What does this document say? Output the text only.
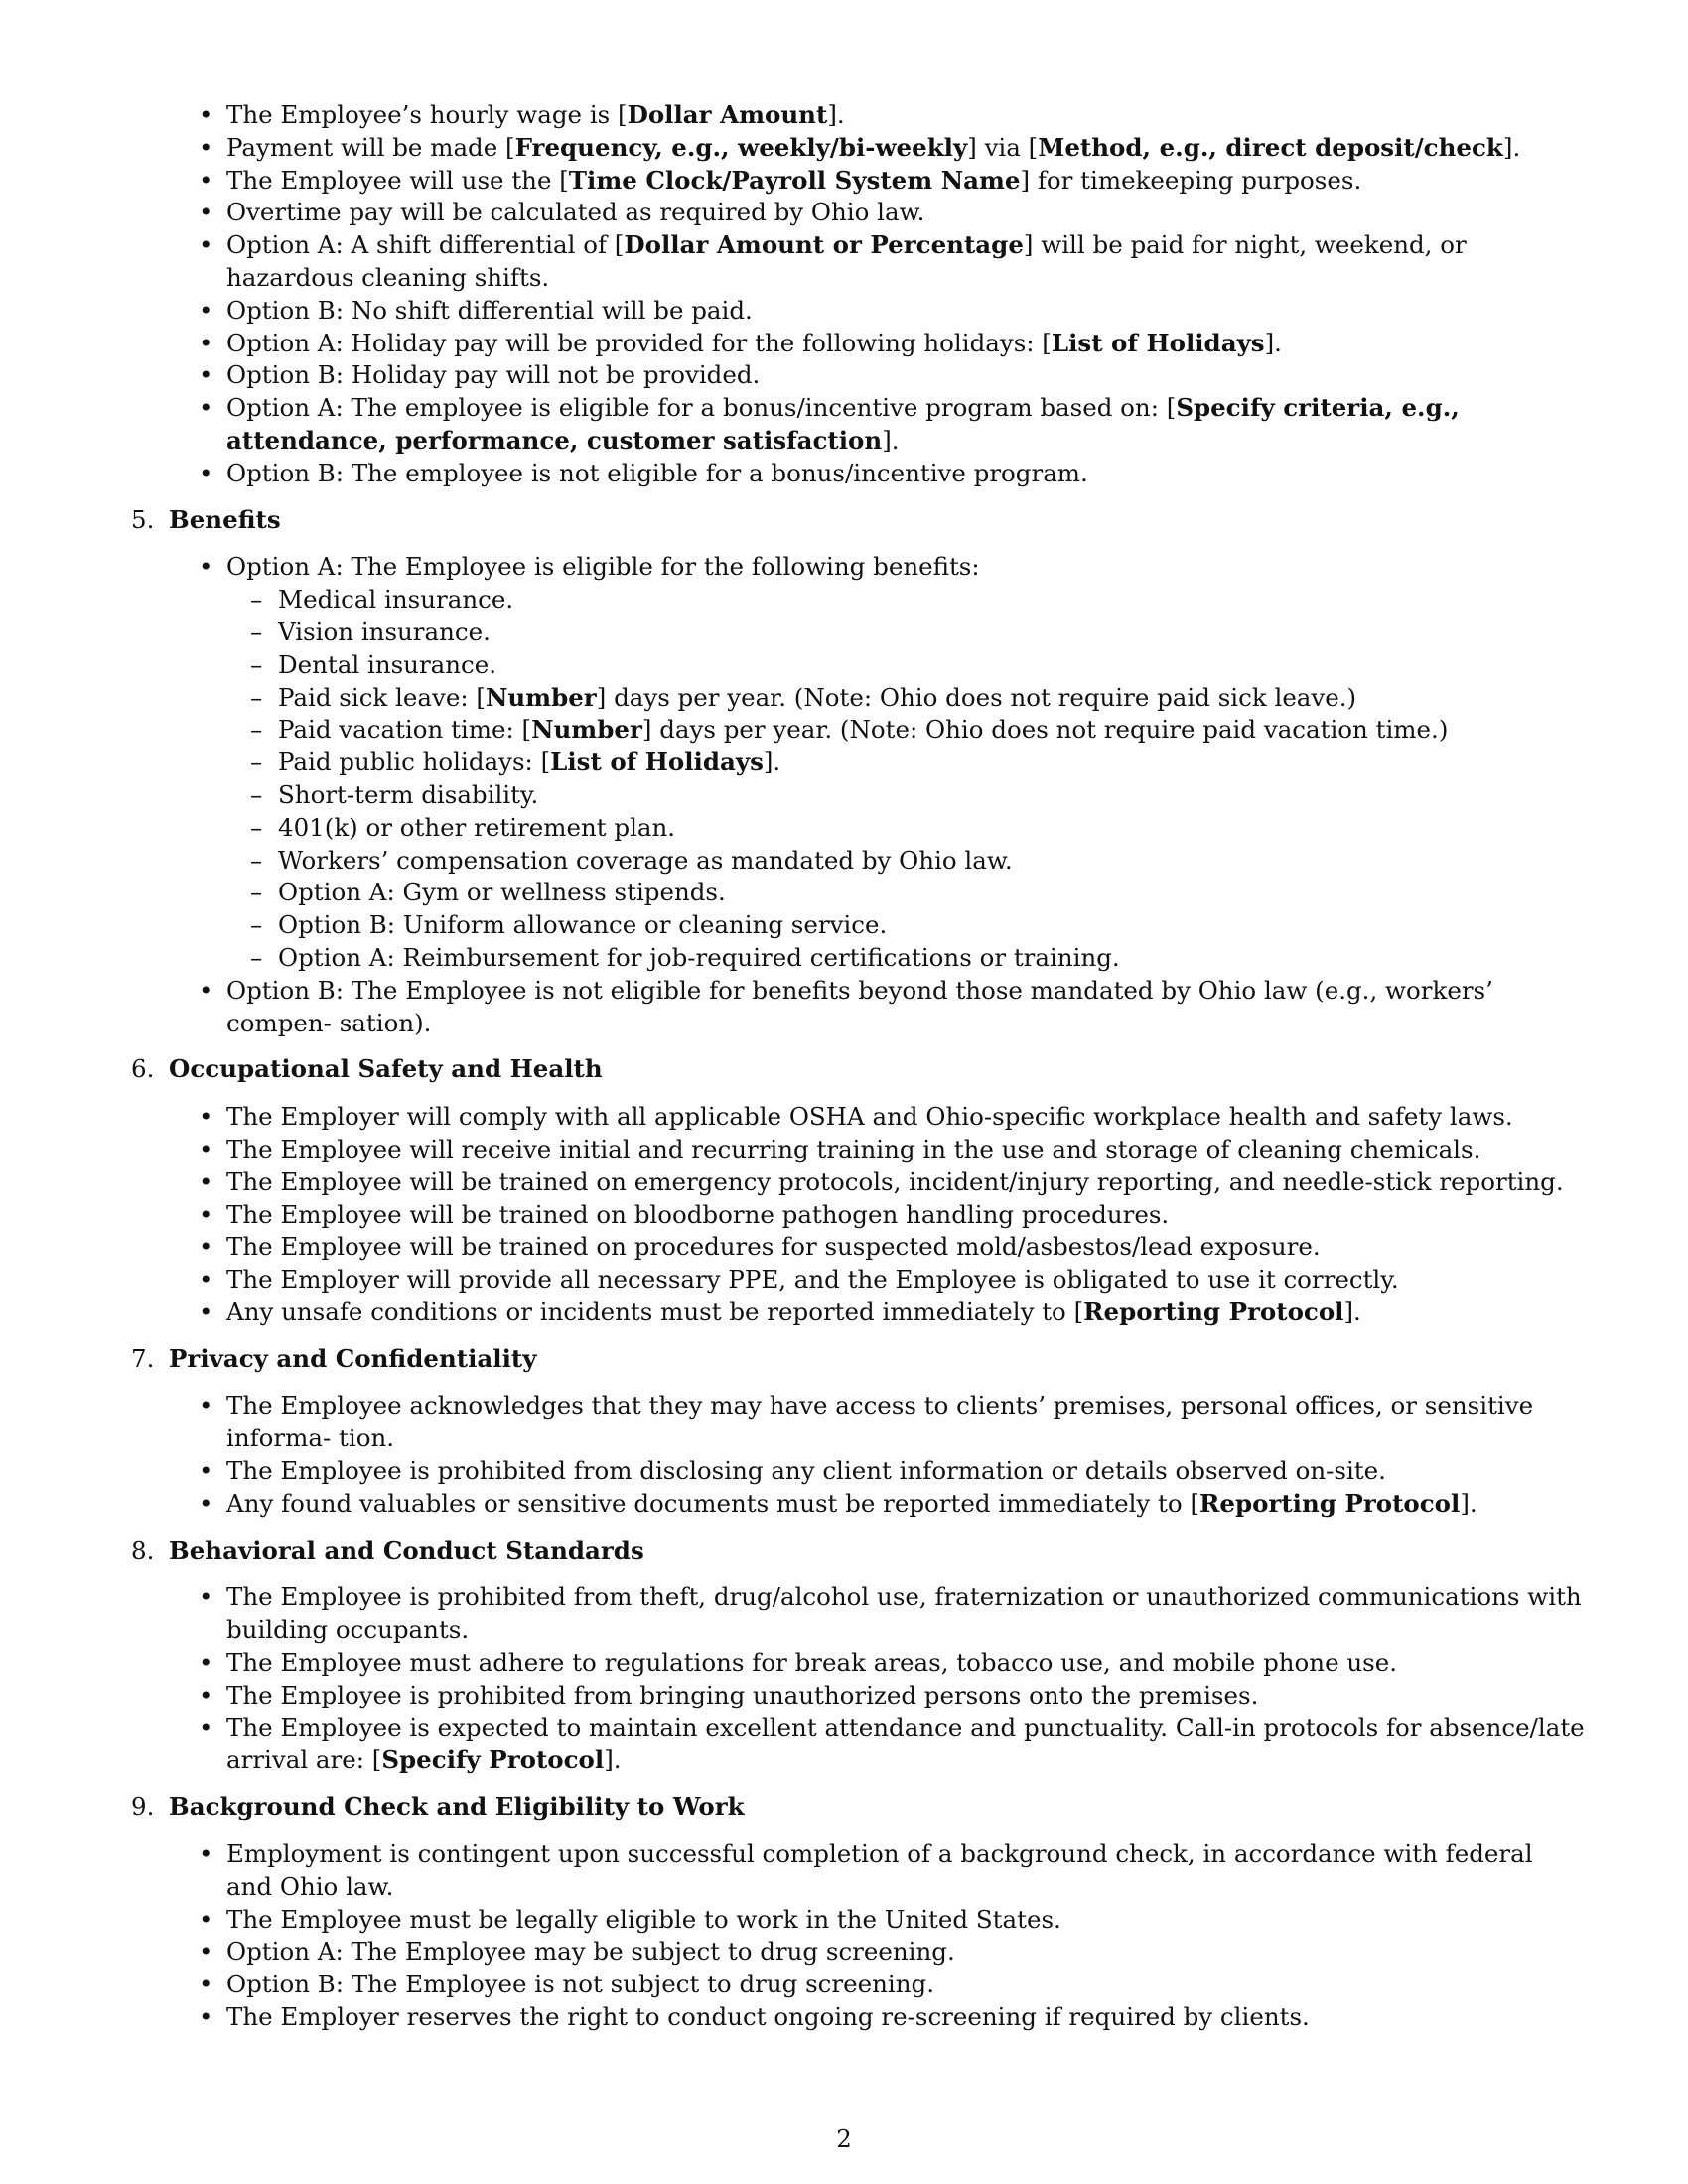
• The Employee’s hourly wage is [Dollar Amount].
• Payment will be made [Frequency, e.g., weekly/bi-weekly] via [Method, e.g., direct deposit/check].
• The Employee will use the [Time Clock/Payroll System Name] for timekeeping purposes.
• Overtime pay will be calculated as required by Ohio law.
• Option A: A shift differential of [Dollar Amount or Percentage] will be paid for night, weekend, or hazardous cleaning shifts.
• Option B: No shift differential will be paid.
• Option A: Holiday pay will be provided for the following holidays: [List of Holidays].
• Option B: Holiday pay will not be provided.
• Option A: The employee is eligible for a bonus/incentive program based on: [Specify criteria, e.g., attendance, performance, customer satisfaction].
• Option B: The employee is not eligible for a bonus/incentive program.
5. Benefits
• Option A: The Employee is eligible for the following benefits:
– Medical insurance.
– Vision insurance.
– Dental insurance.
– Paid sick leave: [Number] days per year. (Note: Ohio does not require paid sick leave.)
– Paid vacation time: [Number] days per year. (Note: Ohio does not require paid vacation time.)
– Paid public holidays: [List of Holidays].
– Short-term disability.
– 401(k) or other retirement plan.
– Workers’ compensation coverage as mandated by Ohio law.
– Option A: Gym or wellness stipends.
– Option B: Uniform allowance or cleaning service.
– Option A: Reimbursement for job-required certifications or training.
• Option B: The Employee is not eligible for benefits beyond those mandated by Ohio law (e.g., workers’ compen- sation).
6. Occupational Safety and Health
• The Employer will comply with all applicable OSHA and Ohio-specific workplace health and safety laws.
• The Employee will receive initial and recurring training in the use and storage of cleaning chemicals.
• The Employee will be trained on emergency protocols, incident/injury reporting, and needle-stick reporting.
• The Employee will be trained on bloodborne pathogen handling procedures.
• The Employee will be trained on procedures for suspected mold/asbestos/lead exposure.
• The Employer will provide all necessary PPE, and the Employee is obligated to use it correctly.
• Any unsafe conditions or incidents must be reported immediately to [Reporting Protocol].
7. Privacy and Confidentiality
• The Employee acknowledges that they may have access to clients’ premises, personal offices, or sensitive informa- tion.
• The Employee is prohibited from disclosing any client information or details observed on-site.
• Any found valuables or sensitive documents must be reported immediately to [Reporting Protocol].
8. Behavioral and Conduct Standards
• The Employee is prohibited from theft, drug/alcohol use, fraternization or unauthorized communications with building occupants.
• The Employee must adhere to regulations for break areas, tobacco use, and mobile phone use.
• The Employee is prohibited from bringing unauthorized persons onto the premises.
• The Employee is expected to maintain excellent attendance and punctuality. Call-in protocols for absence/late arrival are: [Specify Protocol].
9. Background Check and Eligibility to Work
• Employment is contingent upon successful completion of a background check, in accordance with federal and Ohio law.
• The Employee must be legally eligible to work in the United States.
• Option A: The Employee may be subject to drug screening.
• Option B: The Employee is not subject to drug screening.
• The Employer reserves the right to conduct ongoing re-screening if required by clients.
2
